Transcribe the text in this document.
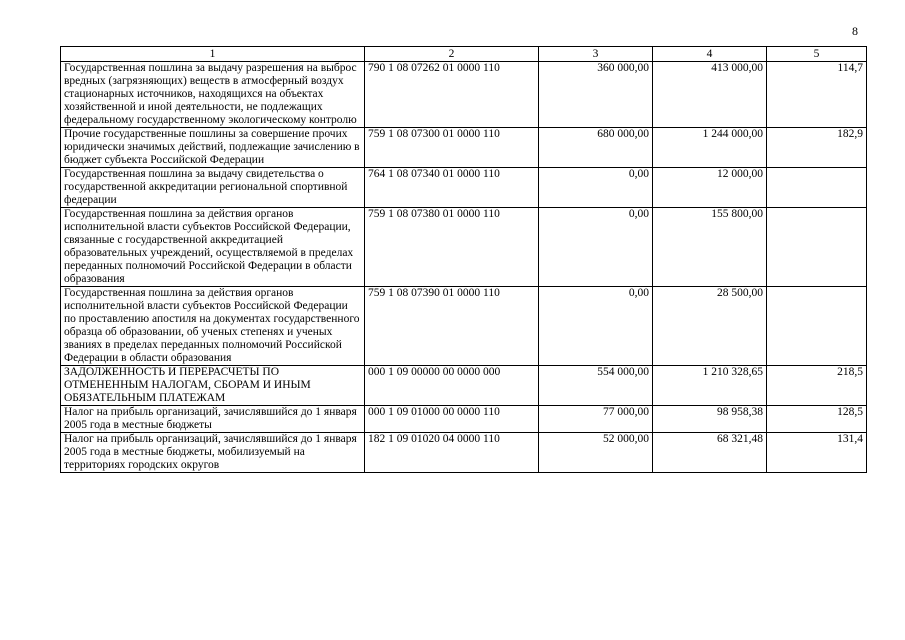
8
1	2	3	4	5
Государственная пошлина за выдачу разрешения на выброс вредных (загрязняющих) веществ в атмосферный воздух стационарных источников, находящихся на объектах хозяйственной и иной деятельности, не подлежащих федеральному государственному экологическому контролю	790 1 08 07262 01 0000 110	360 000,00	413 000,00	114,7
Прочие государственные пошлины за совершение прочих юридически значимых действий, подлежащие зачислению в бюджет субъекта Российской Федерации	759 1 08 07300 01 0000 110	680 000,00	1 244 000,00	182,9
Государственная пошлина за выдачу свидетельства о государственной аккредитации региональной спортивной федерации	764 1 08 07340 01 0000 110	0,00	12 000,00	
Государственная пошлина за действия органов исполнительной власти субъектов Российской Федерации, связанные с государственной аккредитацией образовательных учреждений, осуществляемой в пределах переданных полномочий Российской Федерации в области образования	759 1 08 07380 01 0000 110	0,00	155 800,00	
Государственная пошлина за действия органов исполнительной власти субъектов Российской Федерации по проставлению апостиля на документах государственного образца об образовании, об ученых степенях и ученых званиях в пределах переданных полномочий Российской Федерации в области образования	759 1 08 07390 01 0000 110	0,00	28 500,00	
ЗАДОЛЖЕННОСТЬ И ПЕРЕРАСЧЕТЫ ПО ОТМЕНЕННЫМ НАЛОГАМ, СБОРАМ И ИНЫМ ОБЯЗАТЕЛЬНЫМ ПЛАТЕЖАМ	000 1 09 00000 00 0000 000	554 000,00	1 210 328,65	218,5
Налог на прибыль организаций, зачислявшийся до 1 января 2005 года в местные бюджеты	000 1 09 01000 00 0000 110	77 000,00	98 958,38	128,5
Налог на прибыль организаций, зачислявшийся до 1 января 2005 года в местные бюджеты, мобилизуемый на территориях городских округов	182 1 09 01020 04 0000 110	52 000,00	68 321,48	131,4
